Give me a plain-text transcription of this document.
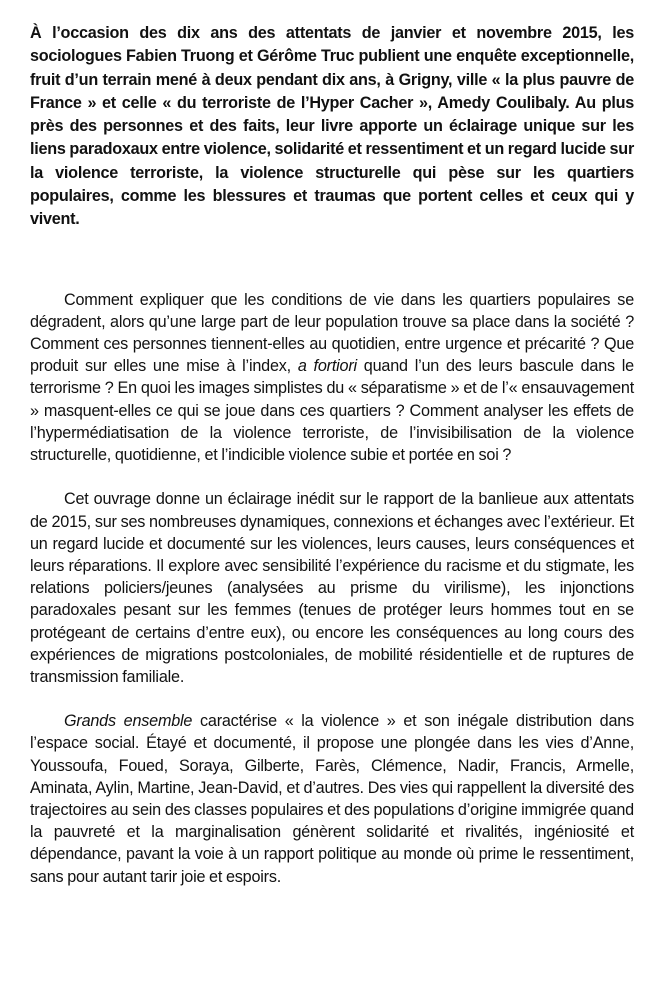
À l’occasion des dix ans des attentats de janvier et novembre 2015, les sociologues Fabien Truong et Gérôme Truc publient une enquête exceptionnelle, fruit d’un terrain mené à deux pendant dix ans, à Grigny, ville « la plus pauvre de France » et celle « du terroriste de l’Hyper Cacher », Amedy Coulibaly. Au plus près des personnes et des faits, leur livre apporte un éclairage unique sur les liens paradoxaux entre violence, solidarité et ressentiment et un regard lucide sur la violence terroriste, la violence structurelle qui pèse sur les quartiers populaires, comme les blessures et traumas que portent celles et ceux qui y vivent.

Comment expliquer que les conditions de vie dans les quartiers populaires se dégradent, alors qu’une large part de leur population trouve sa place dans la société ? Comment ces personnes tiennent-elles au quotidien, entre urgence et précarité ? Que produit sur elles une mise à l’index, a fortiori quand l’un des leurs bascule dans le terrorisme ? En quoi les images simplistes du « séparatisme » et de l’« ensauvagement » masquent-elles ce qui se joue dans ces quartiers ? Comment analyser les effets de l’hypermédiatisation de la violence terroriste, de l’invisibilisation de la violence structurelle, quotidienne, et l’indicible violence subie et portée en soi ?

Cet ouvrage donne un éclairage inédit sur le rapport de la banlieue aux attentats de 2015, sur ses nombreuses dynamiques, connexions et échanges avec l’extérieur. Et un regard lucide et documenté sur les violences, leurs causes, leurs conséquences et leurs réparations. Il explore avec sensibilité l’expérience du racisme et du stigmate, les relations policiers/jeunes (analysées au prisme du virilisme), les injonctions paradoxales pesant sur les femmes (tenues de protéger leurs hommes tout en se protégeant de certains d’entre eux), ou encore les conséquences au long cours des expériences de migrations postcoloniales, de mobilité résidentielle et de ruptures de transmission familiale.

Grands ensemble caractérise « la violence » et son inégale distribution dans l’espace social. Étayé et documenté, il propose une plongée dans les vies d’Anne, Youssoufa, Foued, Soraya, Gilberte, Farès, Clémence, Nadir, Francis, Armelle, Aminata, Aylin, Martine, Jean-David, et d’autres. Des vies qui rappellent la diversité des trajectoires au sein des classes populaires et des populations d’origine immigrée quand la pauvreté et la marginalisation génèrent solidarité et rivalités, ingéniosité et dépendance, pavant la voie à un rapport politique au monde où prime le ressentiment, sans pour autant tarir joie et espoirs.
